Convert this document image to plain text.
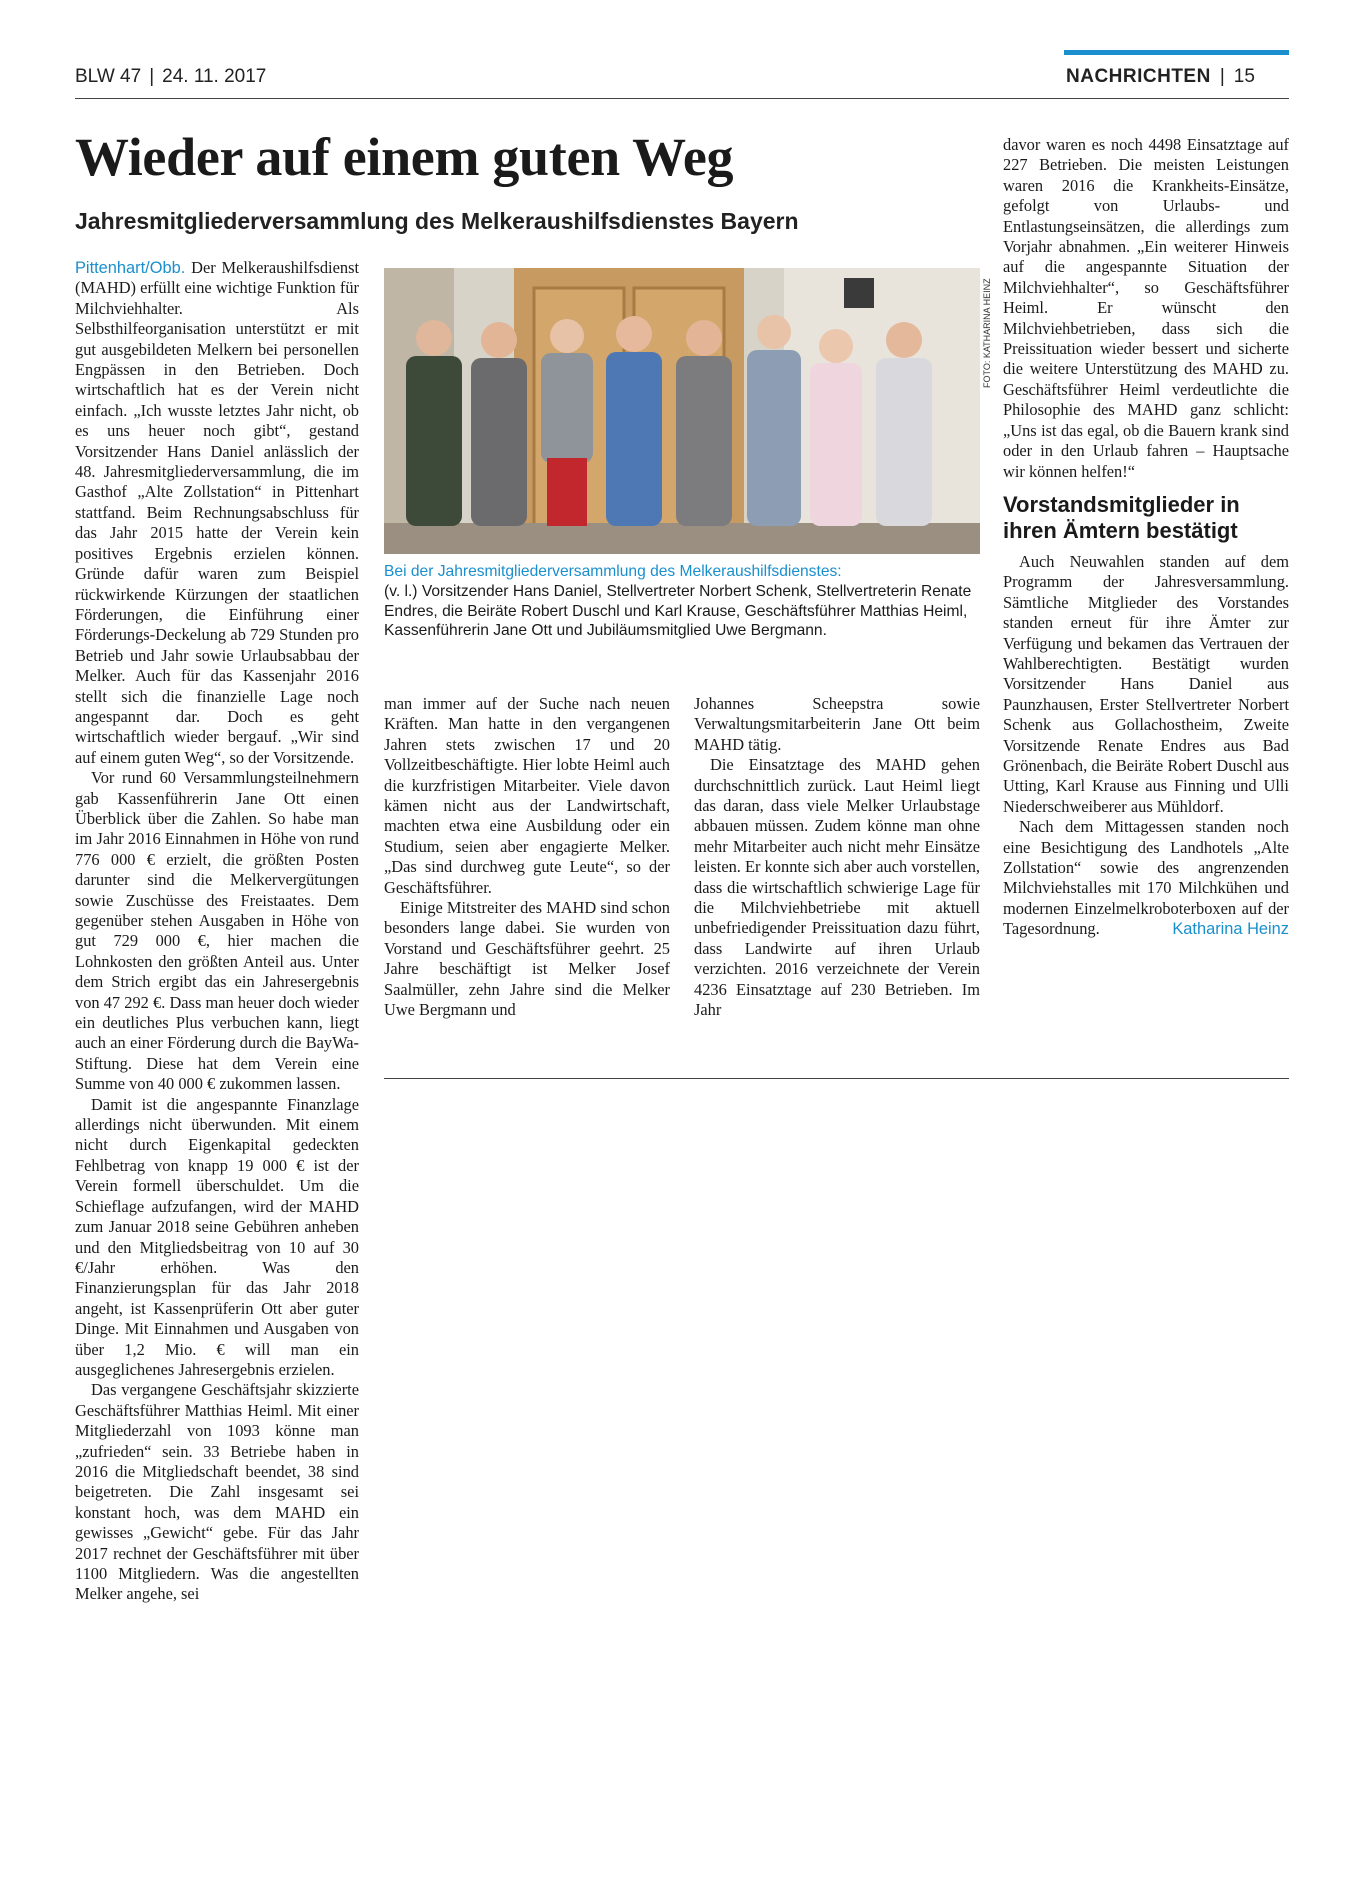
BLW 47 | 24. 11. 2017	NACHRICHTEN | 15
Wieder auf einem guten Weg
Jahresmitgliederversammlung des Melkeraushilfsdienstes Bayern

Pittenhart/Obb. Der Melkeraushilfsdienst (MAHD) erfüllt eine wichtige Funktion für Milchviehhalter. Als Selbsthilfeorganisation unterstützt er mit gut ausgebildeten Melkern bei personellen Engpässen in den Betrieben. Doch wirtschaftlich hat es der Verein nicht einfach. „Ich wusste letztes Jahr nicht, ob es uns heuer noch gibt“, gestand Vorsitzender Hans Daniel anlässlich der 48. Jahresmitgliederversammlung, die im Gasthof „Alte Zollstation“ in Pittenhart stattfand. Beim Rechnungsabschluss für das Jahr 2015 hatte der Verein kein positives Ergebnis erzielen können. Gründe dafür waren zum Beispiel rückwirkende Kürzungen der staatlichen Förderungen, die Einführung einer Förderungs-Deckelung ab 729 Stunden pro Betrieb und Jahr sowie Urlaubsabbau der Melker. Auch für das Kassenjahr 2016 stellt sich die finanzielle Lage noch angespannt dar. Doch es geht wirtschaftlich wieder bergauf. „Wir sind auf einem guten Weg“, so der Vorsitzende.

Vor rund 60 Versammlungsteilnehmern gab Kassenführerin Jane Ott einen Überblick über die Zahlen. So habe man im Jahr 2016 Einnahmen in Höhe von rund 776 000 € erzielt, die größten Posten darunter sind die Melkervergütungen sowie Zuschüsse des Freistaates. Dem gegenüber stehen Ausgaben in Höhe von gut 729 000 €, hier machen die Lohnkosten den größten Anteil aus. Unter dem Strich ergibt das ein Jahresergebnis von 47 292 €. Dass man heuer doch wieder ein deutliches Plus verbuchen kann, liegt auch an einer Förderung durch die BayWa-Stiftung. Diese hat dem Verein eine Summe von 40 000 € zukommen lassen.

Damit ist die angespannte Finanzlage allerdings nicht überwunden. Mit einem nicht durch Eigenkapital gedeckten Fehlbetrag von knapp 19 000 € ist der Verein formell überschuldet. Um die Schieflage aufzufangen, wird der MAHD zum Januar 2018 seine Gebühren anheben und den Mitgliedsbeitrag von 10 auf 30 €/Jahr erhöhen. Was den Finanzierungsplan für das Jahr 2018 angeht, ist Kassenprüferin Ott aber guter Dinge. Mit Einnahmen und Ausgaben von über 1,2 Mio. € will man ein ausgeglichenes Jahresergebnis erzielen.

Das vergangene Geschäftsjahr skizzierte Geschäftsführer Matthias Heiml. Mit einer Mitgliederzahl von 1093 könne man „zufrieden“ sein. 33 Betriebe haben in 2016 die Mitgliedschaft beendet, 38 sind beigetreten. Die Zahl insgesamt sei konstant hoch, was dem MAHD ein gewisses „Gewicht“ gebe. Für das Jahr 2017 rechnet der Geschäftsführer mit über 1100 Mitgliedern. Was die angestellten Melker angehe, sei

FOTO: KATHARINA HEINZ
Bei der Jahresmitgliederversammlung des Melkeraushilfsdienstes:
(v. l.) Vorsitzender Hans Daniel, Stellvertreter Norbert Schenk, Stellvertreterin Renate Endres, die Beiräte Robert Duschl und Karl Krause, Geschäftsführer Matthias Heiml, Kassenführerin Jane Ott und Jubiläumsmitglied Uwe Bergmann.

man immer auf der Suche nach neuen Kräften. Man hatte in den vergangenen Jahren stets zwischen 17 und 20 Vollzeitbeschäftigte. Hier lobte Heiml auch die kurzfristigen Mitarbeiter. Viele davon kämen nicht aus der Landwirtschaft, machten etwa eine Ausbildung oder ein Studium, seien aber engagierte Melker. „Das sind durchweg gute Leute“, so der Geschäftsführer.

Einige Mitstreiter des MAHD sind schon besonders lange dabei. Sie wurden von Vorstand und Geschäftsführer geehrt. 25 Jahre beschäftigt ist Melker Josef Saalmüller, zehn Jahre sind die Melker Uwe Bergmann und

Johannes Scheepstra sowie Verwaltungsmitarbeiterin Jane Ott beim MAHD tätig.

Die Einsatztage des MAHD gehen durchschnittlich zurück. Laut Heiml liegt das daran, dass viele Melker Urlaubstage abbauen müssen. Zudem könne man ohne mehr Mitarbeiter auch nicht mehr Einsätze leisten. Er konnte sich aber auch vorstellen, dass die wirtschaftlich schwierige Lage für die Milchviehbetriebe mit aktuell unbefriedigender Preissituation dazu führt, dass Landwirte auf ihren Urlaub verzichten. 2016 verzeichnete der Verein 4236 Einsatztage auf 230 Betrieben. Im Jahr

davor waren es noch 4498 Einsatztage auf 227 Betrieben. Die meisten Leistungen waren 2016 die Krankheits-Einsätze, gefolgt von Urlaubs- und Entlastungseinsätzen, die allerdings zum Vorjahr abnahmen. „Ein weiterer Hinweis auf die angespannte Situation der Milchviehhalter“, so Geschäftsführer Heiml. Er wünscht den Milchviehbetrieben, dass sich die Preissituation wieder bessert und sicherte die weitere Unterstützung des MAHD zu. Geschäftsführer Heiml verdeutlichte die Philosophie des MAHD ganz schlicht: „Uns ist das egal, ob die Bauern krank sind oder in den Urlaub fahren – Hauptsache wir können helfen!“

Vorstandsmitglieder in ihren Ämtern bestätigt

Auch Neuwahlen standen auf dem Programm der Jahresversammlung. Sämtliche Mitglieder des Vorstandes standen erneut für ihre Ämter zur Verfügung und bekamen das Vertrauen der Wahlberechtigten. Bestätigt wurden Vorsitzender Hans Daniel aus Paunzhausen, Erster Stellvertreter Norbert Schenk aus Gollachostheim, Zweite Vorsitzende Renate Endres aus Bad Grönenbach, die Beiräte Robert Duschl aus Utting, Karl Krause aus Finning und Ulli Niederschweiberer aus Mühldorf.

Nach dem Mittagessen standen noch eine Besichtigung des Landhotels „Alte Zollstation“ sowie des angrenzenden Milchviehstalles mit 170 Milchkühen und modernen Einzelmelkroboterboxen auf der Tagesordnung.	Katharina Heinz
